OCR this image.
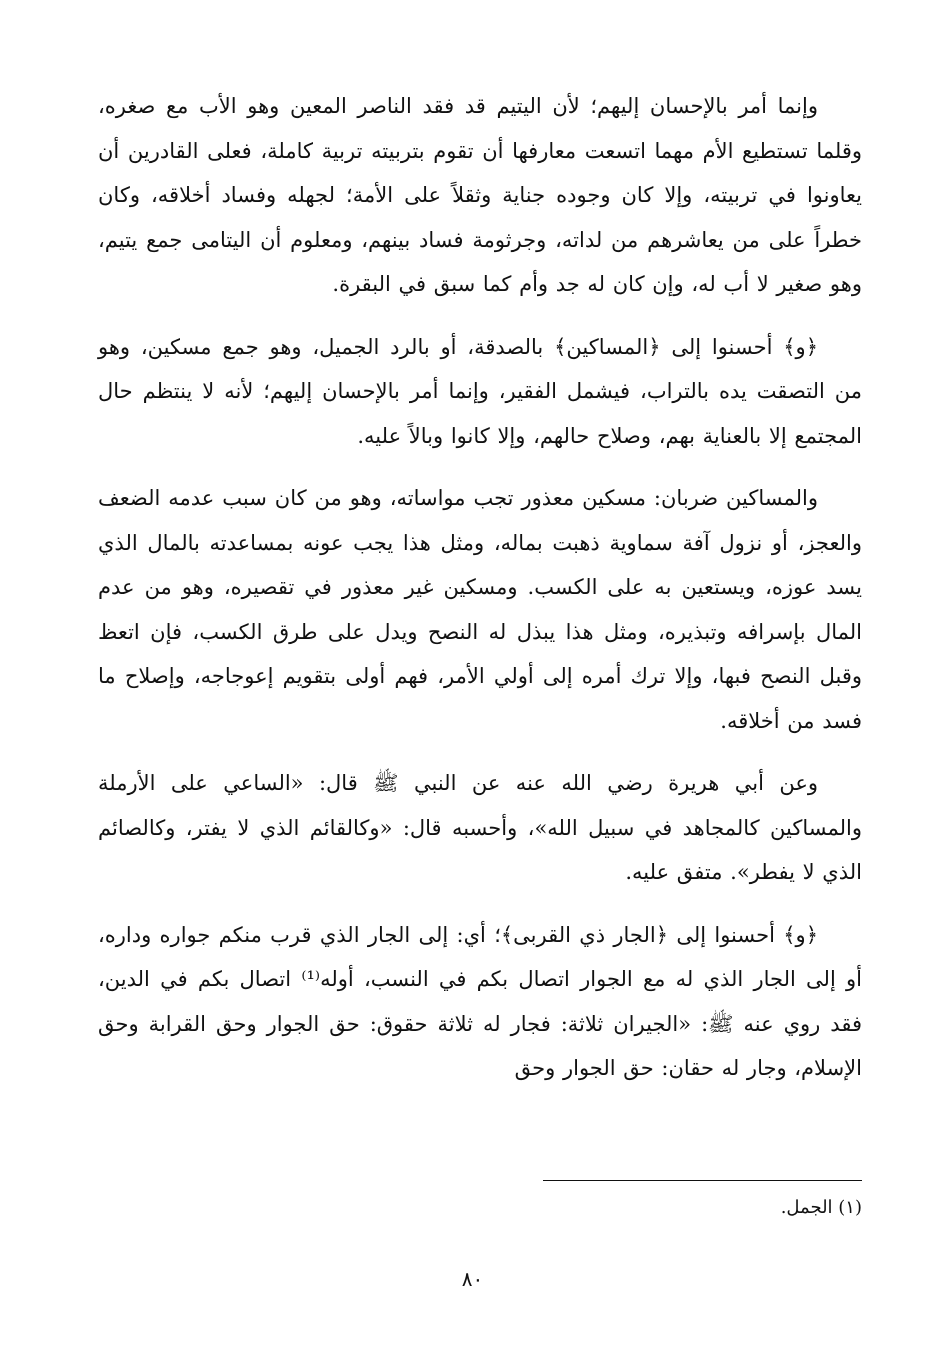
وإنما أمر بالإحسان إليهم؛ لأن اليتيم قد فقد الناصر المعين وهو الأب مع صغره، وقلما تستطيع الأم مهما اتسعت معارفها أن تقوم بتربيته تربية كاملة، فعلى القادرين أن يعاونوا في تربيته، وإلا كان وجوده جناية وثقلاً على الأمة؛ لجهله وفساد أخلاقه، وكان خطراً على من يعاشرهم من لداته، وجرثومة فساد بينهم، ومعلوم أن اليتامى جمع يتيم، وهو صغير لا أب له، وإن كان له جد وأم كما سبق في البقرة.

﴿و﴾ أحسنوا إلى ﴿المساكين﴾ بالصدقة، أو بالرد الجميل، وهو جمع مسكين، وهو من التصقت يده بالتراب، فيشمل الفقير، وإنما أمر بالإحسان إليهم؛ لأنه لا ينتظم حال المجتمع إلا بالعناية بهم، وصلاح حالهم، وإلا كانوا وبالاً عليه.

والمساكين ضربان: مسكين معذور تجب مواساته، وهو من كان سبب عدمه الضعف والعجز، أو نزول آفة سماوية ذهبت بماله، ومثل هذا يجب عونه بمساعدته بالمال الذي يسد عوزه، ويستعين به على الكسب. ومسكين غير معذور في تقصيره، وهو من عدم المال بإسرافه وتبذيره، ومثل هذا يبذل له النصح ويدل على طرق الكسب، فإن اتعظ وقبل النصح فبها، وإلا ترك أمره إلى أولي الأمر، فهم أولى بتقويم إعوجاجه، وإصلاح ما فسد من أخلاقه.

وعن أبي هريرة رضي الله عنه عن النبي ﷺ قال: «الساعي على الأرملة والمساكين كالمجاهد في سبيل الله»، وأحسبه قال: «وكالقائم الذي لا يفتر، وكالصائم الذي لا يفطر». متفق عليه.

﴿و﴾ أحسنوا إلى ﴿الجار ذي القربى﴾؛ أي: إلى الجار الذي قرب منكم جواره وداره، أو إلى الجار الذي له مع الجوار اتصال بكم في النسب، أوله⁽¹⁾ اتصال بكم في الدين، فقد روي عنه ﷺ: «الجيران ثلاثة: فجار له ثلاثة حقوق: حق الجوار وحق القرابة وحق الإسلام، وجار له حقان: حق الجوار وحق

(١) الجمل.
٨٠
